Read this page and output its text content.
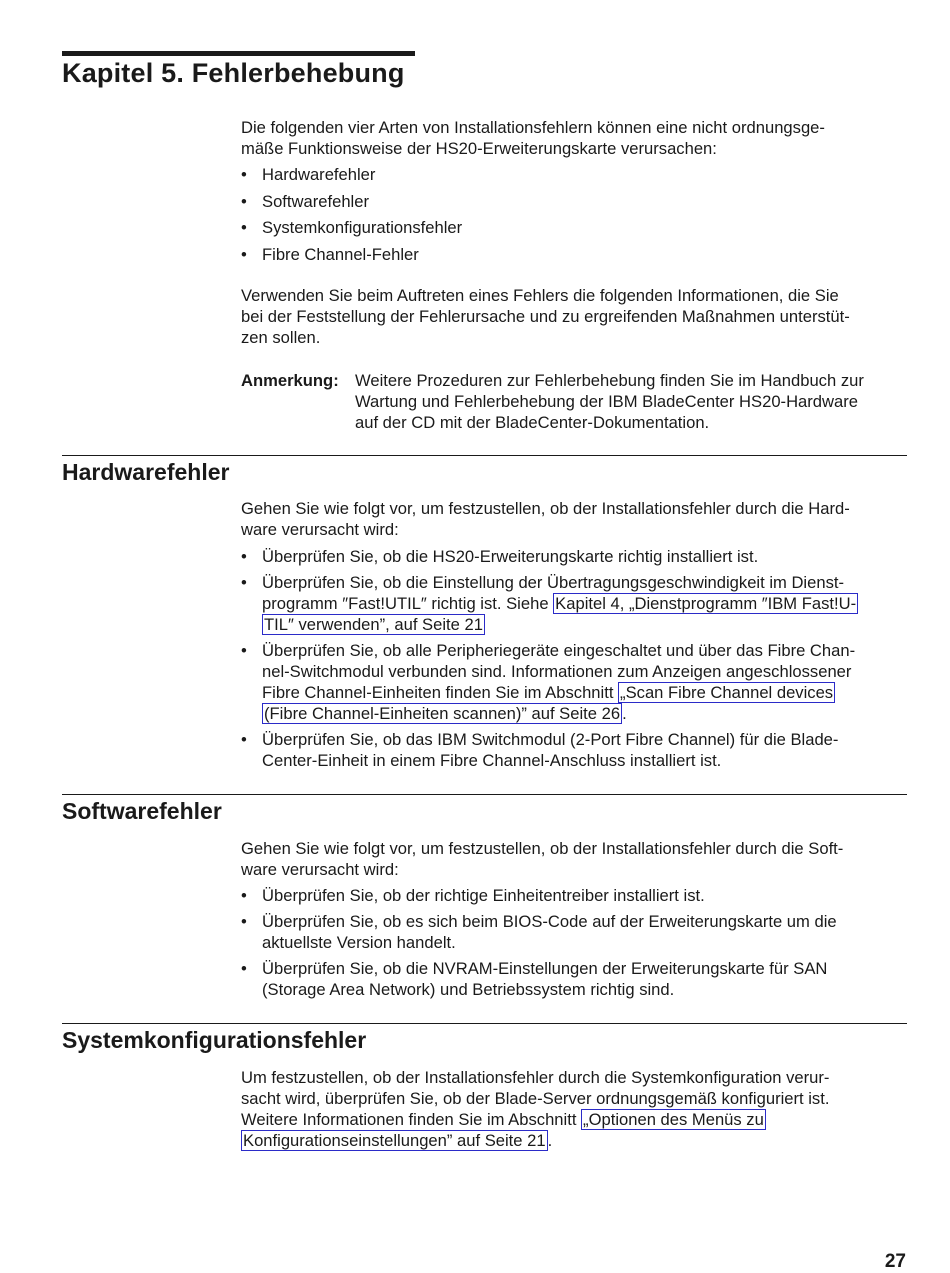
Kapitel 5. Fehlerbehebung

Die folgenden vier Arten von Installationsfehlern können eine nicht ordnungsge-

mäße Funktionsweise der HS20-Erweiterungskarte verursachen:

• Hardwarefehler
• Softwarefehler
• Systemkonfigurationsfehler
• Fibre Channel-Fehler

Verwenden Sie beim Auftreten eines Fehlers die folgenden Informationen, die Sie

bei der Feststellung der Fehlerursache und zu ergreifenden Maßnahmen unterstüt-

zen sollen.

Anmerkung: Weitere Prozeduren zur Fehlerbehebung finden Sie im Handbuch zur
Wartung und Fehlerbehebung der IBM BladeCenter HS20-Hardware
auf der CD mit der BladeCenter-Dokumentation.
Hardwarefehler

Gehen Sie wie folgt vor, um festzustellen, ob der Installationsfehler durch die Hard-

ware verursacht wird:

• Überprüfen Sie, ob die HS20-Erweiterungskarte richtig installiert ist.
• Überprüfen Sie, ob die Einstellung der Übertragungsgeschwindigkeit im Dienst-
programm ″Fast!UTIL″ richtig ist. Siehe Kapitel 4, „Dienstprogramm ″IBM Fast!U-
TIL″ verwenden”, auf Seite 21
• Überprüfen Sie, ob alle Peripheriegeräte eingeschaltet und über das Fibre Chan-
nel-Switchmodul verbunden sind. Informationen zum Anzeigen angeschlossener
Fibre Channel-Einheiten finden Sie im Abschnitt „Scan Fibre Channel devices
(Fibre Channel-Einheiten scannen)” auf Seite 26 .
• Überprüfen Sie, ob das IBM Switchmodul (2-Port Fibre Channel) für die Blade-
Center-Einheit in einem Fibre Channel-Anschluss installiert ist.
Softwarefehler

Gehen Sie wie folgt vor, um festzustellen, ob der Installationsfehler durch die Soft-

ware verursacht wird:

• Überprüfen Sie, ob der richtige Einheitentreiber installiert ist.
• Überprüfen Sie, ob es sich beim BIOS-Code auf der Erweiterungskarte um die
aktuellste Version handelt.
• Überprüfen Sie, ob die NVRAM-Einstellungen der Erweiterungskarte für SAN
(Storage Area Network) und Betriebssystem richtig sind.
Systemkonfigurationsfehler

Um festzustellen, ob der Installationsfehler durch die Systemkonfiguration verur-

sacht wird, überprüfen Sie, ob der Blade-Server ordnungsgemäß konfiguriert ist.

Weitere Informationen finden Sie im Abschnitt „Optionen des Menüs zu

Konfigurationseinstellungen” auf Seite 21 .

27
